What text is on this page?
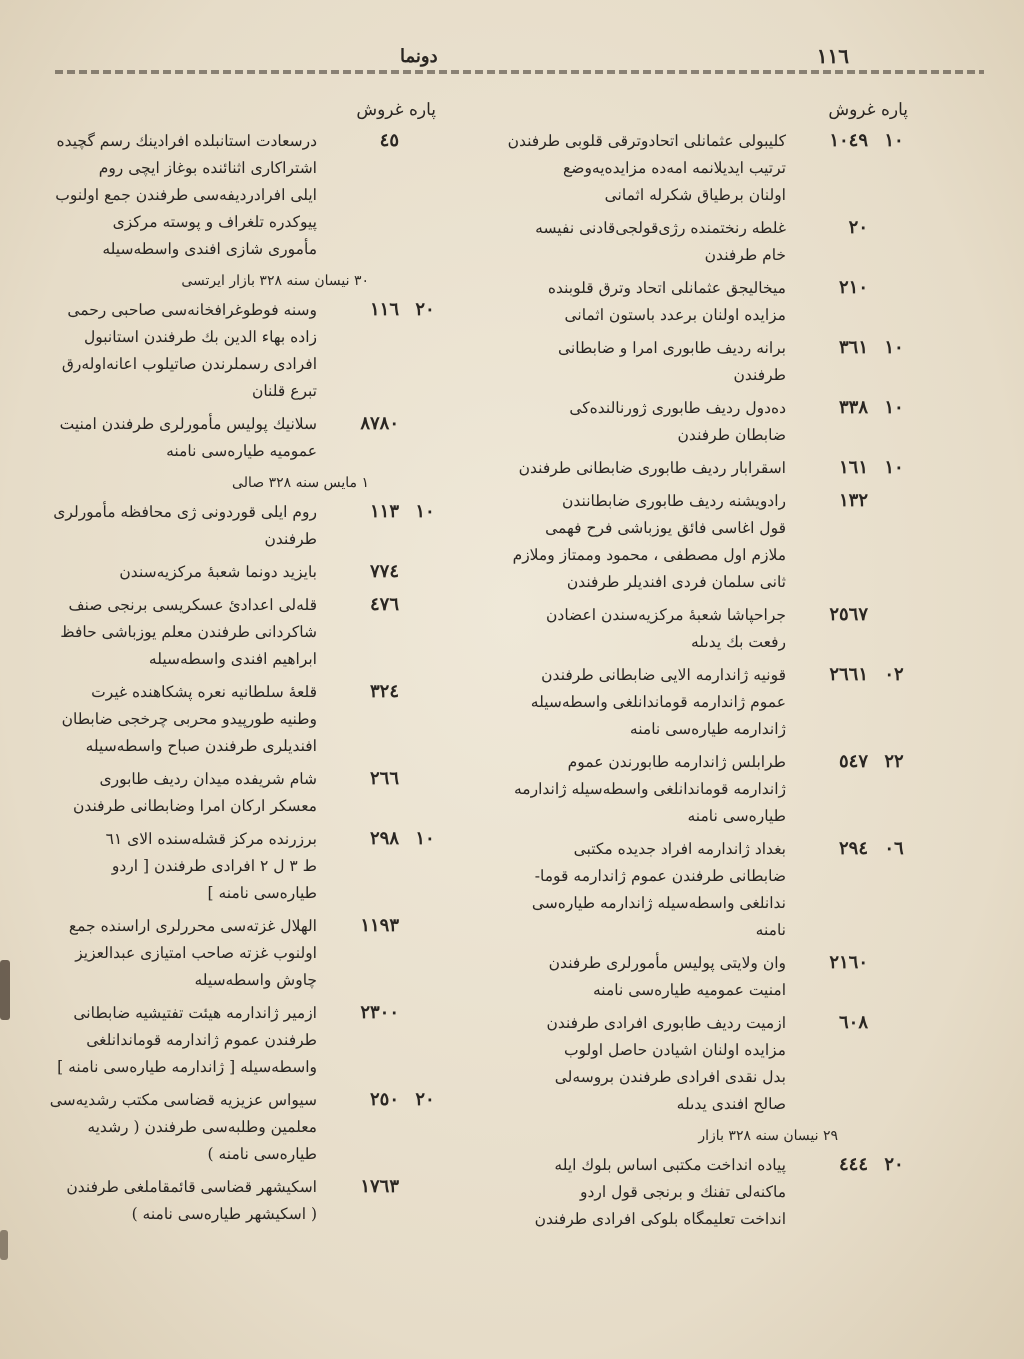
١١٦
دونما
پاره غروش
پاره غروش
١٠
١٠٤٩
كليبولى عثمانلى اتحادوترقى قلوبى طرفندن
ترتيب ايديلانمه امه‌ده مزايده‌يه‌وضع
اولنان برطياق شكرله اثمانى
٢٠
غلطه رنختمنده رژى‌قولجى‌قادنى نفيسه
خام طرفندن
٢١٠
ميخاليجق عثمانلى اتحاد وترق قلوبنده
مزايده اولنان برعدد باستون اثمانى
١٠
٣٦١
برانه رديف طابورى امرا و ضابطانى
طرفندن
١٠
٣٣٨
دەدول رديف طابورى ژورنالنده‌كى
ضابطان طرفندن
١٠
١٦١
اسقرابار رديف طابورى ضابطانى طرفندن
١٣٢
رادويشنه رديف طابورى ضابطانندن
قول اغاسى فائق يوزباشى فرح فهمى
ملازم اول مصطفى ، محمود وممتاز وملازم
ثانى سلمان فردى افنديلر طرفندن
٢٥٦٧
جراحپاشا شعبهٔ مركزيه‌سندن اعضادن
رفعت بك يدىله
٠٢
٢٦٦١
قونيه ژاندارمه الايى ضابطانى طرفندن
عموم ژاندارمه قوماندانلغى واسطه‌سيله
ژاندارمه طياره‌سى نامنه
٢٢
٥٤٧
طرابلس ژاندارمه طابورندن عموم
ژاندارمه قوماندانلغى واسطه‌سيله ژاندارمه
طياره‌سى نامنه
٠٦
٢٩٤
بغداد ژاندارمه افراد جديده مكتبى
ضابطانى طرفندن عموم ژاندارمه قوما-
ندانلغى واسطه‌سيله ژاندارمه طياره‌سى
نامنه
٢١٦٠
وان ولايتى پوليس مأمورلرى طرفندن
امنيت عموميه طياره‌سى نامنه
٦٠٨
ازميت رديف طابورى افرادى طرفندن
مزايده اولنان اشيادن حاصل اولوب
بدل نقدى افرادى طرفندن بروسه‌لى
صالح افندى يدىله
٢٩ نيسان سنه ٣٢٨ بازار
٢٠
٤٤٤
پياده انداخت مكتبى اساس بلوك ايله
ماكنه‌لى تفنك و برنجى قول اردو
اندا‌خت تعليمگاه بلوكى افرادى طرفندن
٤٥
درسعادت استانبلده افرادينك رسم گچيده
اشتراكارى اثنائنده بوغاز ايچى روم
ايلى افرادرديفه‌سى طرفندن جمع اولنوب
پيوكدره تلغراف و پوسته مركزى
مأمورى شازى افندى واسطه‌سيله
٣٠ نيسان سنه ٣٢٨ بازار ايرتسى
٢٠
١١٦
وسنه فوطوغرافخانه‌سى صاحبى رحمى
زاده بهاء الدين بك طرفندن استانبول
افرادى رسملرندن صاتيلوب اعانه‌اولەرق
تبرع قلنان
٨٧٨٠
سلانيك پوليس مأمورلرى طرفندن امنيت
عموميه طياره‌سى نامنه
١ مايس سنه ٣٢٨ صالى
١٠
١١٣
روم ايلى قوردونى ژى محافظه مأمورلرى
طرفندن
٧٧٤
بايزيد دونما شعبهٔ مركزيه‌سندن
٤٧٦
قله‌لى اعدادىٔ عسكريسى برنجى صنف
شاكردانى طرفندن معلم يوزباشى حافظ
ابراهيم افندى واسطه‌سيله
٣٢٤
قلعهٔ سلطانيه نعره پشكاهنده غيرت
وطنيه طورپيدو محربى چرخجى ضابطان
افنديلرى طرفندن صباح واسطه‌سيله
٢٦٦
شام شريفده ميدان رديف طابورى
معسكر اركان امرا وضابطانى طرفندن
١٠
٢٩٨
برزرنده مركز قشله‌سنده الاى ٦١
ط ٣ ل ٢ افرادى طرفندن [ اردو
طياره‌سى نامنه ]
١١٩٣
الهلال غزته‌سى محررلرى ارا‌سنده جمع
اولنوب غزته صاحب امتيازى عبدالعزيز
چاوش واسطه‌سيله
٢٣٠٠
ازمير ژاندارمه هيئت تفتيشيه ضابطانى
طرفندن عموم ژاندارمه قوماندانلغى
واسطه‌سيله [ ژاندارمه طياره‌سى نامنه ]
٢٠
٢٥٠
سيواس عزيزيه قضاسى مكتب رشديه‌سى
معلمين وطلبه‌سى طرفندن ( رشديه
طياره‌سى نامنه )
١٧٦٣
اسكيشهر قضاسى قائمقاملغى طرفندن
( اسكيشهر طياره‌سى نامنه )
